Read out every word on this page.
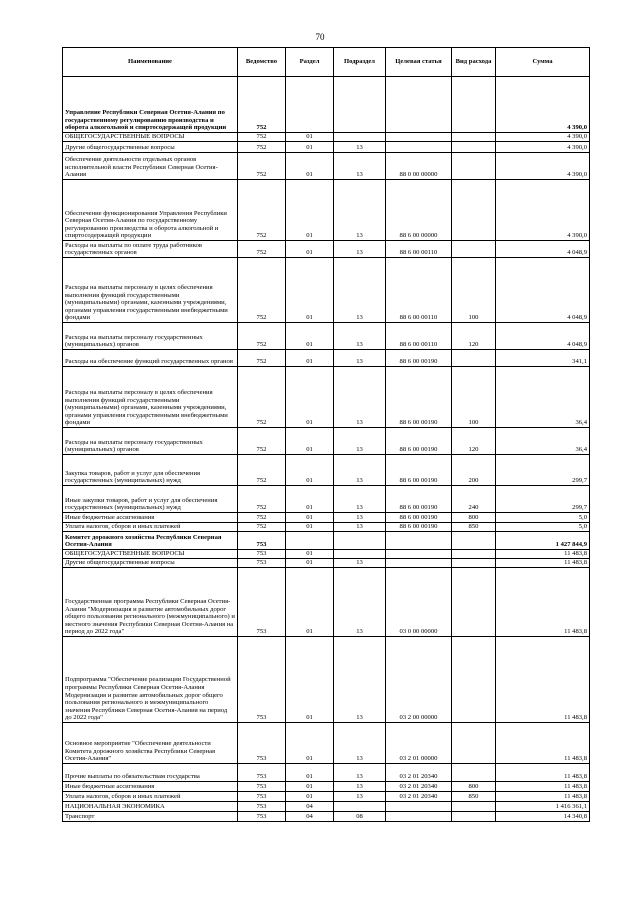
70
Наименование	Ведомство	Раздел	Подраздел	Целевая статья	Вид расхода	Сумма
Управление Республики Северная Осетия-Алания по государственному регулированию производства и оборота алкогольной и спиртосодержащей продукции	752					4 390,0
ОБЩЕГОСУДАРСТВЕННЫЕ ВОПРОСЫ	752	01				4 390,0
Другие общегосударственные вопросы	752	01	13			4 390,0
Обеспечение деятельности отдельных органов исполнительной власти Республики Северная Осетия-Алания	752	01	13	88 0 00 00000		4 390,0
Обеспечение функционирования Управления Республики Северная Осетия-Алания по государственному регулированию производства и оборота алкогольной и спиртосодержащей продукции	752	01	13	88 6 00 00000		4 390,0
Расходы на выплаты по оплате труда работников государственных органов	752	01	13	88 6 00 00110		4 048,9
Расходы на выплаты персоналу в целях обеспечения выполнения функций государственными (муниципальными) органами, казенными учреждениями, органами управления государственными внебюджетными фондами	752	01	13	88 6 00 00110	100	4 048,9
Расходы на выплаты персоналу государственных (муниципальных) органов	752	01	13	88 6 00 00110	120	4 048,9
Расходы на обеспечение функций государственных органов	752	01	13	88 6 00 00190		341,1
Расходы на выплаты персоналу в целях обеспечения выполнения функций государственными (муниципальными) органами, казенными учреждениями, органами управления государственными внебюджетными фондами	752	01	13	88 6 00 00190	100	36,4
Расходы на выплаты персоналу государственных (муниципальных) органов	752	01	13	88 6 00 00190	120	36,4
Закупка товаров, работ и услуг для обеспечения государственных (муниципальных) нужд	752	01	13	88 6 00 00190	200	299,7
Иные закупки товаров, работ и услуг для обеспечения государственных (муниципальных) нужд	752	01	13	88 6 00 00190	240	299,7
Иные бюджетные ассигнования	752	01	13	88 6 00 00190	800	5,0
Уплата налогов, сборов и иных платежей	752	01	13	88 6 00 00190	850	5,0
Комитет дорожного хозяйства Республики Северная Осетия-Алания	753					1 427 844,9
ОБЩЕГОСУДАРСТВЕННЫЕ ВОПРОСЫ	753	01				11 483,8
Другие общегосударственные вопросы	753	01	13			11 483,8
Государственная программа Республики Северная Осетия-Алания "Модернизация и развитие автомобильных дорог общего пользования регионального (межмуниципального) и местного значения Республики Северная Осетия-Алания на период до 2022 года"	753	01	13	03 0 00 00000		11 483,8
Подпрограмма "Обеспечение реализации Государственной программы Республики Северная Осетия-Алания Модернизация и развитие автомобильных дорог общего пользования регионального и межмуниципального значения Республики Северная Осетия-Алания на период до 2022 года"	753	01	13	03 2 00 00000		11 483,8
Основное мероприятие "Обеспечение деятельности Комитета дорожного хозяйства Республики Северная Осетия-Алания"	753	01	13	03 2 01 00000		11 483,8
Прочие выплаты по обязательствам государства	753	01	13	03 2 01 20340		11 483,8
Иные бюджетные ассигнования	753	01	13	03 2 01 20340	800	11 483,8
Уплата налогов, сборов и иных платежей	753	01	13	03 2 01 20340	850	11 483,8
НАЦИОНАЛЬНАЯ ЭКОНОМИКА	753	04				1 416 361,1
Транспорт	753	04	08			14 340,8
